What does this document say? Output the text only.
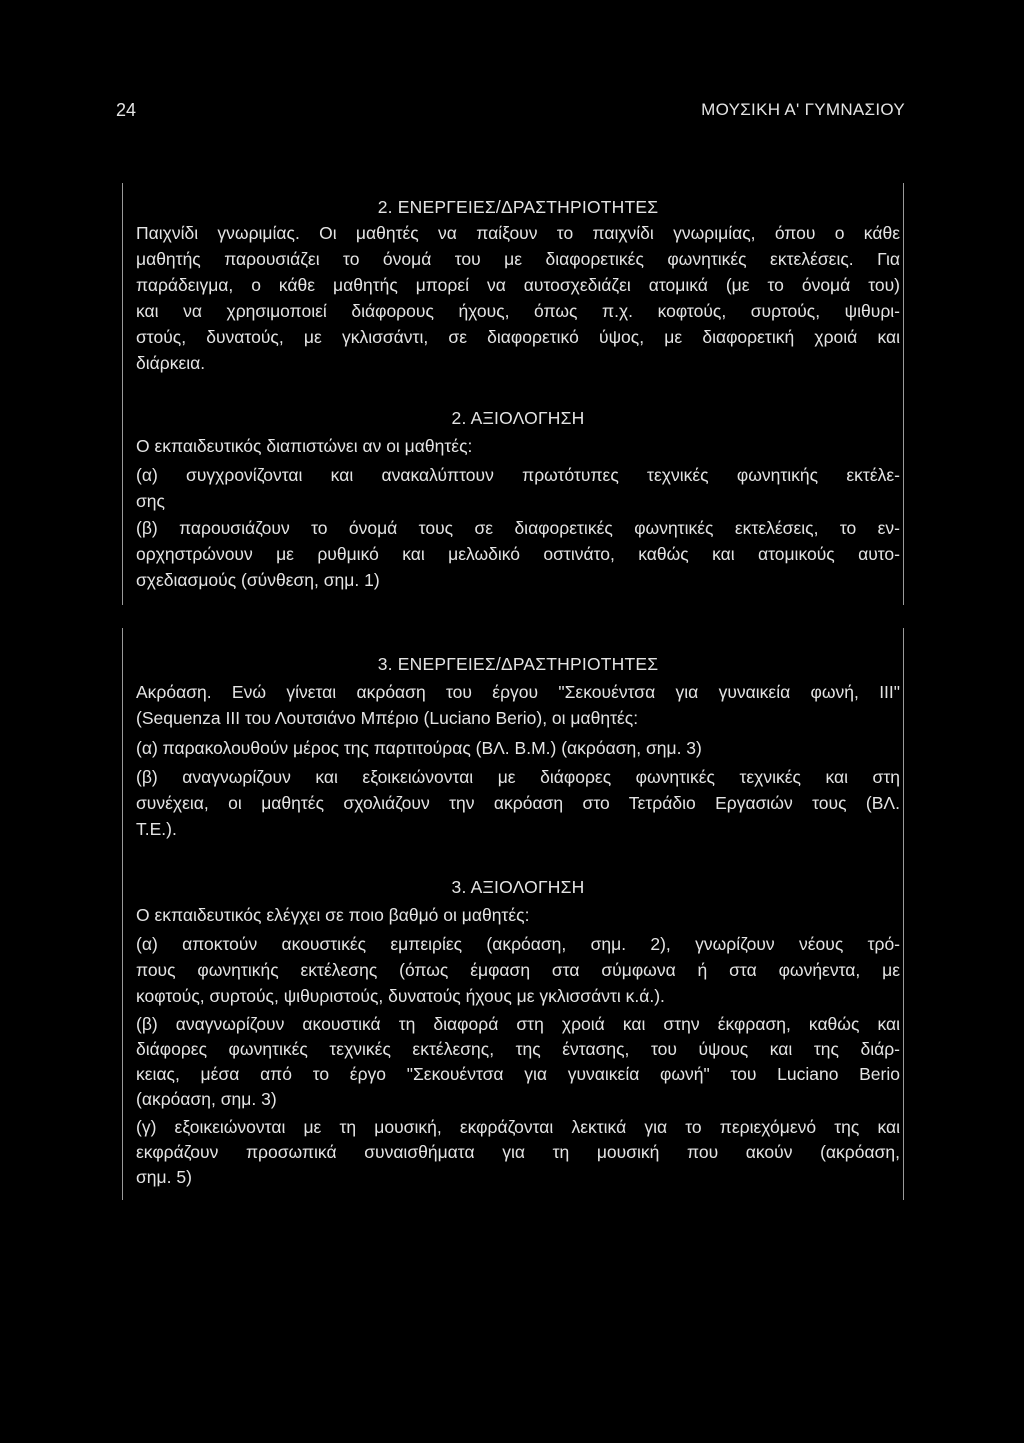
24	ΜΟΥΣΙΚΗ Α' ΓΥΜΝΑΣΙΟΥ
2. ΕΝΕΡΓΕΙΕΣ/ΔΡΑΣΤΗΡΙΟΤΗΤΕΣ
Παιχνίδι γνωριμίας. Οι μαθητές να παίξουν το παιχνίδι γνωριμίας, όπου ο κάθε
μαθητής παρουσιάζει το όνομά του με διαφορετικές φωνητικές εκτελέσεις. Για
παράδειγμα, ο κάθε μαθητής μπορεί να αυτοσχεδιάζει ατομικά (με το όνομά του)
και να χρησιμοποιεί διάφορους ήχους, όπως π.χ. κοφτούς, συρτούς, ψιθυρι-
στούς, δυνατούς, με γκλισσάντι, σε διαφορετικό ύψος, με διαφορετική χροιά και
διάρκεια.
2. ΑΞΙΟΛΟΓΗΣΗ
Ο εκπαιδευτικός διαπιστώνει αν οι μαθητές:
(α) συγχρονίζονται και ανακαλύπτουν πρωτότυπες τεχνικές φωνητικής εκτέλε-
σης
(β) παρουσιάζουν το όνομά τους σε διαφορετικές φωνητικές εκτελέσεις, το εν-
ορχηστρώνουν με ρυθμικό και μελωδικό οστινάτο, καθώς και ατομικούς αυτο-
σχεδιασμούς (σύνθεση, σημ. 1)
3. ΕΝΕΡΓΕΙΕΣ/ΔΡΑΣΤΗΡΙΟΤΗΤΕΣ
Ακρόαση. Ενώ γίνεται ακρόαση του έργου "Σεκουέντσα για γυναικεία φωνή, ΙΙΙ"
(Sequenza III του Λουτσιάνο Μπέριο (Luciano Berio), οι μαθητές:
(α) παρακολουθούν μέρος της παρτιτούρας (ΒΛ. Β.Μ.) (ακρόαση, σημ. 3)
(β) αναγνωρίζουν και εξοικειώνονται με διάφορες φωνητικές τεχνικές και στη
συνέχεια, οι μαθητές σχολιάζουν την ακρόαση στο Τετράδιο Εργασιών τους (ΒΛ.
Τ.Ε.).
3. ΑΞΙΟΛΟΓΗΣΗ
Ο εκπαιδευτικός ελέγχει σε ποιο βαθμό οι μαθητές:
(α) αποκτούν ακουστικές εμπειρίες (ακρόαση, σημ. 2), γνωρίζουν νέους τρό-
πους φωνητικής εκτέλεσης (όπως έμφαση στα σύμφωνα ή στα φωνήεντα, με
κοφτούς, συρτούς, ψιθυριστούς, δυνατούς ήχους με γκλισσάντι κ.ά.).
(β) αναγνωρίζουν ακουστικά τη διαφορά στη χροιά και στην έκφραση, καθώς και
διάφορες φωνητικές τεχνικές εκτέλεσης, της έντασης, του ύψους και της διάρ-
κειας, μέσα από το έργο "Σεκουέντσα για γυναικεία φωνή" του Luciano Berio
(ακρόαση, σημ. 3)
(γ) εξοικειώνονται με τη μουσική, εκφράζονται λεκτικά για το περιεχόμενό της και
εκφράζουν προσωπικά συναισθήματα για τη μουσική που ακούν (ακρόαση,
σημ. 5)
